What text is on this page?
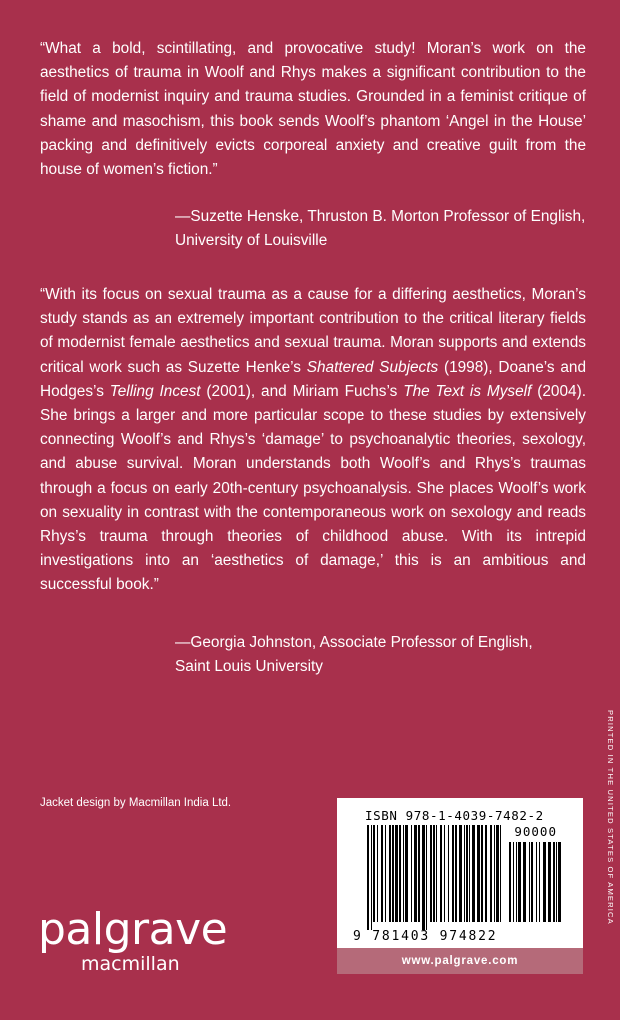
“What a bold, scintillating, and provocative study! Moran’s work on the aesthetics of trauma in Woolf and Rhys makes a significant contribution to the field of modernist inquiry and trauma studies. Grounded in a feminist critique of shame and masochism, this book sends Woolf’s phantom ‘Angel in the House’ packing and definitively evicts corporeal anxiety and creative guilt from the house of women’s fiction.”

—Suzette Henske, Thruston B. Morton Professor of English,
University of Louisville

“With its focus on sexual trauma as a cause for a differing aesthetics, Moran’s study stands as an extremely important contribution to the critical literary fields of modernist female aesthetics and sexual trauma. Moran supports and extends critical work such as Suzette Henke’s Shattered Subjects (1998), Doane’s and Hodges’s Telling Incest (2001), and Miriam Fuchs’s The Text is Myself (2004). She brings a larger and more particular scope to these studies by extensively connecting Woolf’s and Rhys’s ‘damage’ to psychoanalytic theories, sexology, and abuse survival. Moran understands both Woolf’s and Rhys’s traumas through a focus on early 20th-century psychoanalysis. She places Woolf’s work on sexuality in contrast with the contemporaneous work on sexology and reads Rhys’s trauma through theories of childhood abuse. With its intrepid investigations into an ‘aesthetics of damage,’ this is an ambitious and successful book.”

—Georgia Johnston, Associate Professor of English,
Saint Louis University
Jacket design by Macmillan India Ltd.
palgrave
macmillan
ISBN 978-1-4039-7482-2
90000
9 781403 974822
www.palgrave.com
PRINTED IN THE UNITED STATES OF AMERICA
